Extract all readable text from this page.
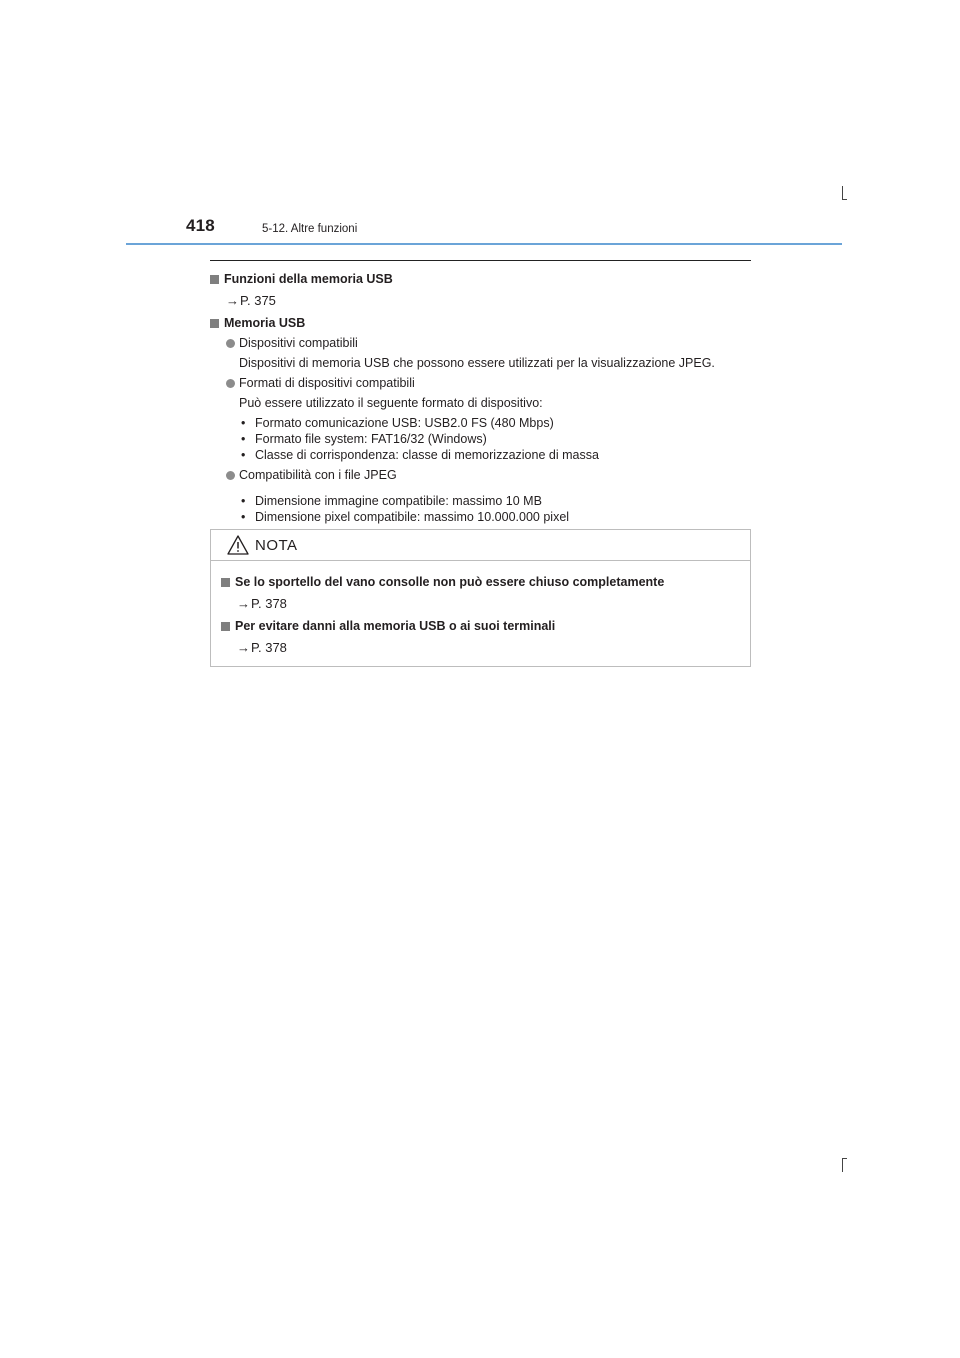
418	5-12. Altre funzioni
Funzioni della memoria USB
→ P. 375
Memoria USB
Dispositivi compatibili
Dispositivi di memoria USB che possono essere utilizzati per la visualizzazione JPEG.
Formati di dispositivi compatibili
Può essere utilizzato il seguente formato di dispositivo:
• Formato comunicazione USB: USB2.0 FS (480 Mbps)
• Formato file system: FAT16/32 (Windows)
• Classe di corrispondenza: classe di memorizzazione di massa
Compatibilità con i file JPEG
• Dimensione immagine compatibile: massimo 10 MB
• Dimensione pixel compatibile: massimo 10.000.000 pixel
NOTA
Se lo sportello del vano consolle non può essere chiuso completamente
→ P. 378
Per evitare danni alla memoria USB o ai suoi terminali
→ P. 378
